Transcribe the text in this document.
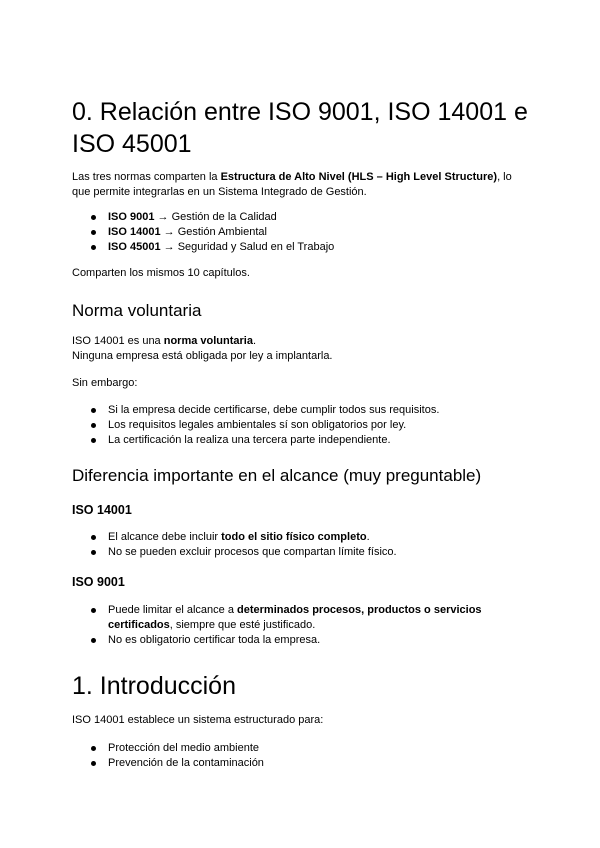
0. Relación entre ISO 9001, ISO 14001 e ISO 45001

Las tres normas comparten la Estructura de Alto Nivel (HLS – High Level Structure), lo que permite integrarlas en un Sistema Integrado de Gestión.

ISO 9001 → Gestión de la Calidad
ISO 14001 → Gestión Ambiental
ISO 45001 → Seguridad y Salud en el Trabajo

Comparten los mismos 10 capítulos.

Norma voluntaria

ISO 14001 es una norma voluntaria.
Ninguna empresa está obligada por ley a implantarla.

Sin embargo:

Si la empresa decide certificarse, debe cumplir todos sus requisitos.
Los requisitos legales ambientales sí son obligatorios por ley.
La certificación la realiza una tercera parte independiente.
Diferencia importante en el alcance (muy preguntable)
ISO 14001
El alcance debe incluir todo el sitio físico completo.
No se pueden excluir procesos que compartan límite físico.
ISO 9001
Puede limitar el alcance a determinados procesos, productos o servicios certificados, siempre que esté justificado.
No es obligatorio certificar toda la empresa.
1. Introducción

ISO 14001 establece un sistema estructurado para:

Protección del medio ambiente
Prevención de la contaminación
